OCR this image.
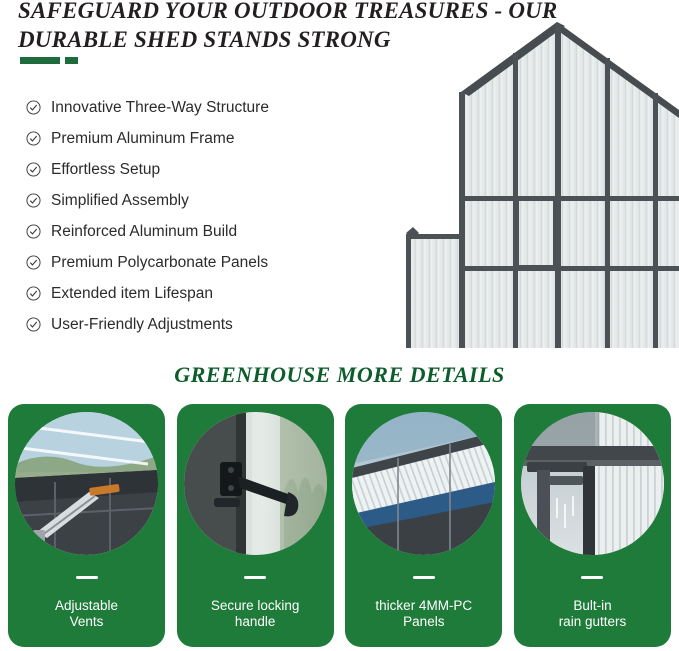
SAFEGUARD YOUR OUTDOOR TREASURES - OUR DURABLE SHED STANDS STRONG
Innovative Three-Way Structure
Premium Aluminum Frame
Effortless Setup
Simplified Assembly
Reinforced Aluminum Build
Premium Polycarbonate Panels
Extended item Lifespan
User-Friendly Adjustments
GREENHOUSE MORE DETAILS
Adjustable
Vents
Secure locking
handle
thicker 4MM-PC
Panels
Bult-in
rain gutters
